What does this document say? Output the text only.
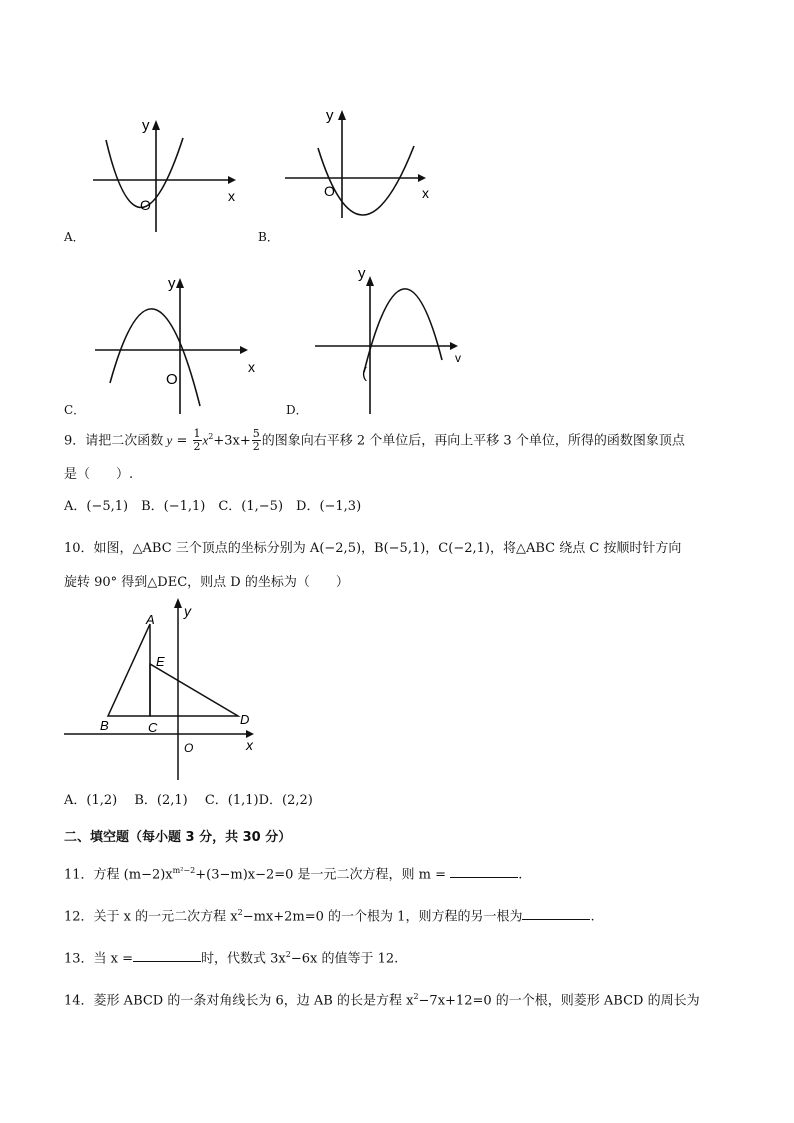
y
x
O
A．
y
x
O
B．
y
x
O
C．
y
v
(
D．
9．请把二次函数 $y = \frac{1}{2} x^2+3x+ \frac{5}{2}$ 的图象向右平移 2 个单位后，再向上平移 3 个单位，所得的函数图象顶点
是（　　）.
A．(−5,1)　B．(−1,1)　C．(1,−5)　D．(−1,3)
10．如图，△ABC 三个顶点的坐标分别为 A(−2,5)，B(−5,1)，C(−2,1)，将△ABC 绕点 C 按顺时针方向
旋转 90° 得到△DEC，则点 D 的坐标为（　　）
A
E
B	C
D
O	x
y
A．(1,2)　 B．(2,1)　 C．(1,1)D．(2,2)
二、填空题（每小题 3 分，共 30 分）
11．方程 $(m-2)x^{m^2-2}+(3-m)x-2=0$ 是一元二次方程，则 m =	.
12．关于 x 的一元二次方程 $x^2-mx+2m=0$ 的一个根为 1，则方程的另一根为	.
13．当 x =	时，代数式 $3x^2-6x$ 的值等于 12.
14．菱形 ABCD 的一条对角线长为 6，边 AB 的长是方程 $x^2-7x+12=0$ 的一个根，则菱形 ABCD 的周长为
